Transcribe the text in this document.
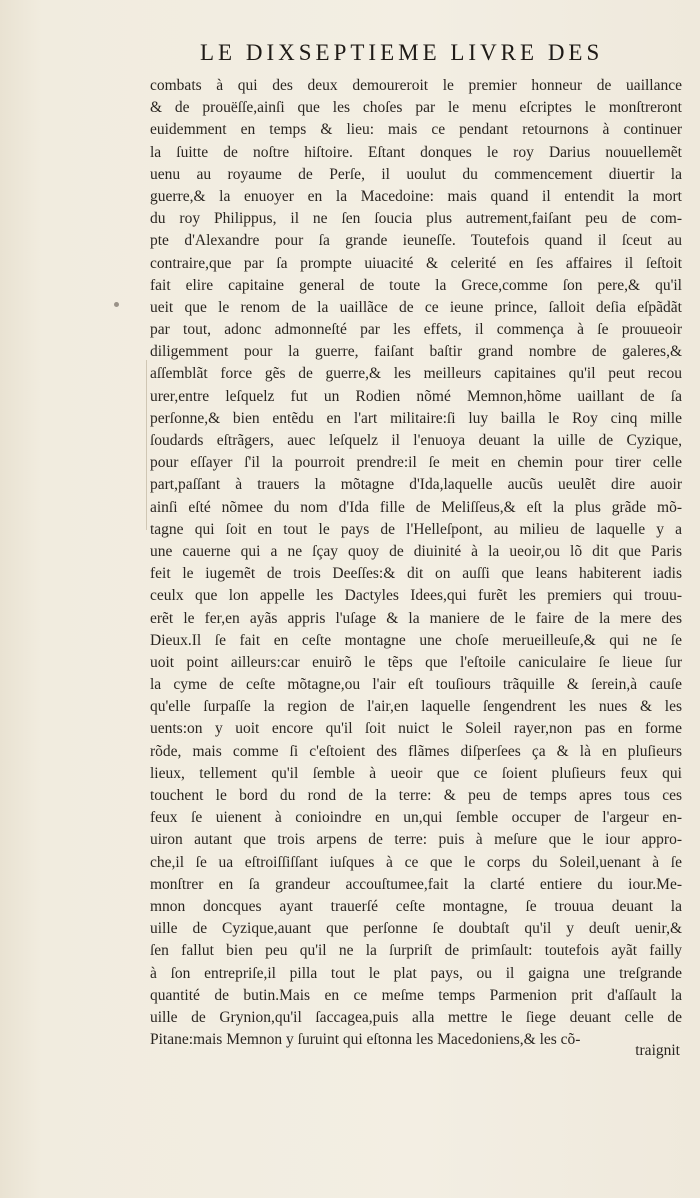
LE DIXSEPTIEME LIVRE DES
combats à qui des deux demoureroit le premier honneur de uaillance
& de prouëſſe,ainſi que les choſes par le menu eſcriptes le monſtreront
euidemment en temps & lieu: mais ce pendant retournons à continuer
la ſuitte de noſtre hiſtoire. Eſtant donques le roy Darius nouuellemẽt
uenu au royaume de Perſe, il uoulut du commencement diuertir la
guerre,& la enuoyer en la Macedoine: mais quand il entendit la mort
du roy Philippus, il ne ſen ſoucia plus autrement,faiſant peu de com-
pte d'Alexandre pour ſa grande ieuneſſe. Toutefois quand il ſceut au
contraire,que par ſa prompte uiuacité & celerité en ſes affaires il ſeſtoit
fait elire capitaine general de toute la Grece,comme ſon pere,& qu'il
ueit que le renom de la uaillãce de ce ieune prince, ſalloit deſia eſpãdãt
par tout, adonc admonneſté par les effets, il commença à ſe prouueoir
diligemment pour la guerre, faiſant baſtir grand nombre de galeres,&
aſſemblãt force gẽs de guerre,& les meilleurs capitaines qu'il peut recou
urer,entre leſquelz fut un Rodien nõmé Memnon,hõme uaillant de ſa
perſonne,& bien entẽdu en l'art militaire:ſi luy bailla le Roy cinq mille
ſoudards eſtrãgers, auec leſquelz il l'enuoya deuant la uille de Cyzique,
pour eſſayer ſ'il la pourroit prendre:il ſe meit en chemin pour tirer celle
part,paſſant à trauers la mõtagne d'Ida,laquelle aucũs ueulẽt dire auoir
ainſi eſté nõmee du nom d'Ida fille de Meliſſeus,& eſt la plus grãde mõ-
tagne qui ſoit en tout le pays de l'Helleſpont, au milieu de laquelle y a
une cauerne qui a ne ſçay quoy de diuinité à la ueoir,ou lõ dit que Paris
feit le iugemẽt de trois Deeſſes:& dit on auſſi que leans habiterent iadis
ceulx que lon appelle les Dactyles Idees,qui furẽt les premiers qui trouu-
erẽt le fer,en ayãs appris l'uſage & la maniere de le faire de la mere des
Dieux.Il ſe fait en ceſte montagne une choſe merueilleuſe,& qui ne ſe
uoit point ailleurs:car enuirõ le tẽps que l'eſtoile caniculaire ſe lieue ſur
la cyme de ceſte mõtagne,ou l'air eſt touſiours trãquille & ſerein,à cauſe
qu'elle ſurpaſſe la region de l'air,en laquelle ſengendrent les nues & les
uents:on y uoit encore qu'il ſoit nuict le Soleil rayer,non pas en forme
rõde, mais comme ſi c'eſtoient des flãmes diſperſees ça & là en pluſieurs
lieux, tellement qu'il ſemble à ueoir que ce ſoient pluſieurs feux qui
touchent le bord du rond de la terre: & peu de temps apres tous ces
feux ſe uienent à conioindre en un,qui ſemble occuper de l'argeur en-
uiron autant que trois arpens de terre: puis à meſure que le iour appro-
che,il ſe ua eſtroiſſiſſant iuſques à ce que le corps du Soleil,uenant à ſe
monſtrer en ſa grandeur accouſtumee,fait la clarté entiere du iour.Me-
mnon doncques ayant trauerſé ceſte montagne, ſe trouua deuant la
uille de Cyzique,auant que perſonne ſe doubtaſt qu'il y deuſt uenir,&
ſen fallut bien peu qu'il ne la ſurpriſt de primſault: toutefois ayãt failly
à ſon entrepriſe,il pilla tout le plat pays, ou il gaigna une treſgrande
quantité de butin.Mais en ce meſme temps Parmenion prit d'aſſault la
uille de Grynion,qu'il ſaccagea,puis alla mettre le ſiege deuant celle de
Pitane:mais Memnon y ſuruint qui eſtonna les Macedoniens,& les cõ-
traignit
